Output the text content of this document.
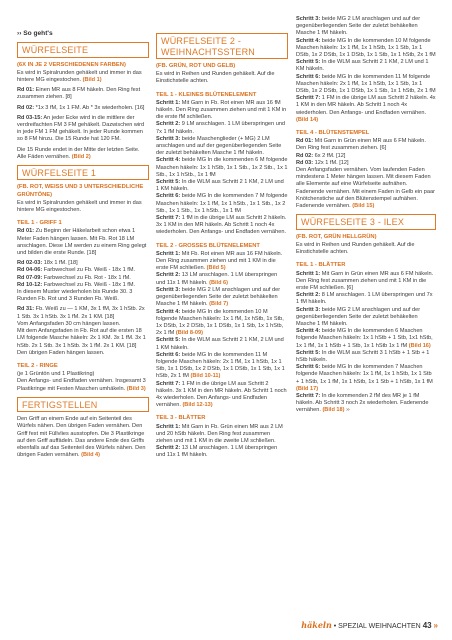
›› So geht's
WÜRFELSEITE
(6X IN JE 2 VERSCHIEDENEN FARBEN)

Es wird in Spiralrunden gehäkelt und immer in das hintere MG eingestochen. (Bild 1)

Rd 01: Einen MR aus 8 FM häkeln. Den Ring fest zusammen ziehen. [8]

Rd 02: *1x 3 fM, 1x 1 FM. Ab * 3x wiederholen. [16]

Rd 03-15: An jeder Ecke wird in die mittlere der verdreifachten FM 3 FM gehäkelt. Dazwischen wird in jede FM 1 FM gehäkelt. In jeder Runde kommen so 8 FM hinzu. Die 15 Runde hat 120 FM.

Die 15 Runde endet in der Mitte der letzten Seite. Alle Fäden vernähen. (Bild 2)

WÜRFELSEITE 1
(FB. ROT, WEISS UND 3 UNTERSCHIEDLICHE GRÜNTÖNE)

Es wird in Spiralrunden gehäkelt und immer in das hintere MG eingestochen.

TEIL 1 - GRIFF 1

Rd 01: Zu Beginn der Häkelarbeit schon etwa 1 Meter Faden hängen lassen. Mit Fb. Rot 18 LM anschlagen. Diese LM werden zu einem Ring gelegt und bilden die erste Runde. [18]

Rd 02-03: 18x 1 fM. [18]

Rd 04-06: Farbwechsel zu Fb. Weiß - 18x 1 fM.

Rd 07-09: Farbwechsel zu Fb. Rot - 18x 1 fM.

Rd 10-12: Farbwechsel zu Fb. Weiß - 18x 1 fM.

In diesem Muster wiederholen bis Runde 30. 3 Runden Fb. Rot und 3 Runden Fb. Weiß.

Rd 31: Fb. Weiß zu — 1 KM, 3x 1 fM, 3x 1 hStb. 2x 1 Stb. 3x 1 hStb. 3x 1 fM. 2x 1 KM. [18]

Vom Anfangsfaden 30 cm hängen lassen.

Mit dem Anfangsfaden in Fb. Rot auf die ersten 18 LM folgende Masche häkeln: 2x 1 KM. 3x 1 fM. 3x 1 hStb. 2x 1 Stb. 3x 1 hStb. 3x 1 fM. 2x 1 KM. [18]

Den übrigen Faden hängen lassen.

TEIL 2 - RINGE

(je 1 Grüntön und 1 Plastikring)

Den Anfangs- und Endfaden vernähen. Insgesamt 3 Plastikringe mit Festen Maschen umhäkeln. (Bild 3)

FERTIGSTELLEN

Den Griff an einem Ende auf ein Seitenteil des Würfels nähen. Den übrigen Faden vernähen. Den Griff fest mit Füllvlies ausstopfen. Die 3 Plastikringe auf den Griff auffädeln. Das andere Ende des Griffs ebenfalls auf das Seitenteil des Würfels nähen. Den übrigen Faden vernähen. (Bild 4)

WÜRFELSEITE 2 - WEIHNACHTSSTERN
(FB. GRÜN, ROT UND GELB)

Es wird in Reihen und Runden gehäkelt. Auf die Einstichstelle achten.

TEIL 1 - KLEINES BLÜTENELEMENT

Schritt 1: Mit Garn in Fb. Rot einen MR aus 16 fM häkeln. Den Ring zusammen ziehen und mit 1 KM in die erste fM schließen.

Schritt 2: 9 LM anschlagen. 1 LM überspringen und 7x 1 fM häkeln.

Schritt 3: beide Maschenglieder (+ MG) 2 LM anschlagen und auf der gegenüberliegenden Seite der zuletzt behäkelten Masche 1 fM häkeln.

Schritt 4: beide MG In die kommenden 6 M folgende Maschen häkeln: 1x 1 hStb, 1x 1 Stb., 1x 2 Stb., 1x 1 Stb., 1x 1 hStb., 1x 1 fM

Schritt 5: In die WLM aus Schritt 2 1 KM, 2 LM und 1 KM häkeln.

Schritt 6: beide MG In die kommenden 7 M folgende Maschen häkeln: 1x 1 fM, 1x 1 hStb., 1x 1 Stb., 1x 2 Stb., 1x 1 Stb., 1x 1 hStb., 1x 1 fM

Schritt 7: 1 fM in die übrige LM aus Schritt 2 häkeln. 3x 1 KM in den MR häkeln. Ab Schritt 1 noch 4x wiederholen. Den Anfangs- und Endfaden vernähen.

TEIL 2 - GROSSES BLÜTENELEMENT

Schritt 1: Mit Fb. Rot einen MR aus 16 FM häkeln. Den Ring zusammen ziehen und mit 1 KM in die erste FM schließen. (Bild 5)

Schritt 2: 13 LM anschlagen. 1 LM überspringen und 11x 1 fM häkeln. (Bild 6)

Schritt 3: beide MG 2 LM anschlagen und auf der gegenüberliegenden Seite der zuletzt behäkelten Masche 1 fM häkeln. (Bild 7)

Schritt 4: beide MG In die kommenden 10 M folgende Maschen häkeln: 1x 1 fM, 1x hStb, 1x Stb, 1x DStb, 1x 2 DStb, 1x 1 DStb, 1x 1 Stb, 1x 1 hStb, 2x 1 fM (Bild 8-09)

Schritt 5: In die WLM aus Schritt 2 1 KM, 2 LM und 1 KM häkeln.

Schritt 6: beide MG In die kommenden 11 M folgende Maschen häkeln: 2x 1 fM, 1x 1 hStb, 1x 1 Stb, 1x 1 DStb, 1x 2 DStb, 1x 1 DStb, 1x 1 Stb, 1x 1 hStb, 2x 1 fM (Bild 10-11)

Schritt 7: 1 FM in die übrige LM aus Schritt 2 häkeln. 3x 1 KM in den MR häkeln. Ab Schritt 1 noch 4x wiederholen. Den Anfangs- und Endfaden vernähen. (Bild 12-13)

TEIL 3 - BLÄTTER

Schritt 1: Mit Garn in Fb. Grün einen MR aus 2 LM und 20 hStb häkeln. Den Ring fest zusammen ziehen und mit 1 KM in die zweite LM schließen.

Schritt 2: 13 LM anschlagen. 1 LM überspringen und 11x 1 fM häkeln.

Schritt 3: beide MG 2 LM anschlagen und auf der gegenüberliegenden Seite der zuletzt behäkelten Masche 1 fM häkeln.

Schritt 4: beide MG In die kommenden 10 M folgende Maschen häkeln: 1x 1 fM, 1x 1 hStb, 1x 1 Stb, 1x 1 DStb, 1x 2 DStb, 1x 1 DStb, 1x 1 Stb, 1x 1 hStb, 2x 1 fM

Schritt 5: In die WLM aus Schritt 2 1 KM, 2 LM und 1 KM häkeln.

Schritt 6: beide MG In die kommenden 11 M folgende Maschen häkeln: 2x 1 fM, 1x 1 hStb, 1x 1 Stb, 1x 1 DStb, 1x 2 DStb, 1x 1 DStb, 1x 1 Stb, 1x 1 hStb, 2x 1 fM

Schritt 7: 1 FM in die übrige LM aus Schritt 2 häkeln. 4x 1 KM in den MR häkeln. Ab Schritt 1 noch 4x wiederholen. Den Anfangs- und Endfaden vernähen. (Bild 14)

TEIL 4 - BLÜTENSTEMPEL

Rd 01: Mit Garn in Grün einen MR aus 6 FM häkeln. Den Ring fest zusammen ziehen. [6]

Rd 02: 6x 2 fM. [12]

Rd 03: 12x 1 fM. [12]

Den Anfangsfaden vernähen. Vom laufenden Faden mindestens 1 Meter hängen lassen. Mit diesem Faden alle Elemente auf eine Würfelseite aufnähen. Fadenende vernähen. Mit einem Faden in Gelb ein paar Knötchenstiche auf den Blütenstempel aufnähen. Fadenende vernähen. (Bild 15)

WÜRFELSEITE 3 - ILEX
(FB. ROT, GRÜN HELLGRÜN)

Es wird in Reihen und Runden gehäkelt. Auf die Einstichstelle achten.

TEIL 1 - BLÄTTER

Schritt 1: Mit Garn in Grün einen MR aus 6 FM häkeln. Den Ring fest zusammen ziehen und mit 1 KM in die erste FM schließen. [6]

Schritt 2: 8 LM anschlagen. 1 LM überspringen und 7x 1 fM häkeln.

Schritt 3: beide MG 2 LM anschlagen und auf der gegenüberliegenden Seite der zuletzt behäkelten Masche 1 fM häkeln.

Schritt 4: beide MG In die kommenden 6 Maschen folgende Maschen häkeln: 1x 1 hStb + 1 Stb, 1x1 hStb, 1x 1 fM, 1x 1 hStb + 1 Stb, 1x 1 hStb 1x 1 fM (Bild 16)

Schritt 5: In die WLM aus Schritt 3 1 hStb + 1 Stb + 1 hStb häkeln.

Schritt 6: beide MG In die kommenden 7 Maschen folgende Maschen häkeln: 1x 1 fM, 1x 1 hStb, 1x 1 Stb + 1 hStb, 1x 1 fM, 1x 1 hStb, 1x 1 Stb + 1 hStb, 1x 1 fM (Bild 17)

Schritt 7: In die kommenden 2 fM des MR je 1 fM häkeln. Ab Schritt 3 noch 2x wiederholen. Fadenende vernähen. (Bild 18) ››

häkeln • SPEZIAL WEIHNACHTEN 43 »
